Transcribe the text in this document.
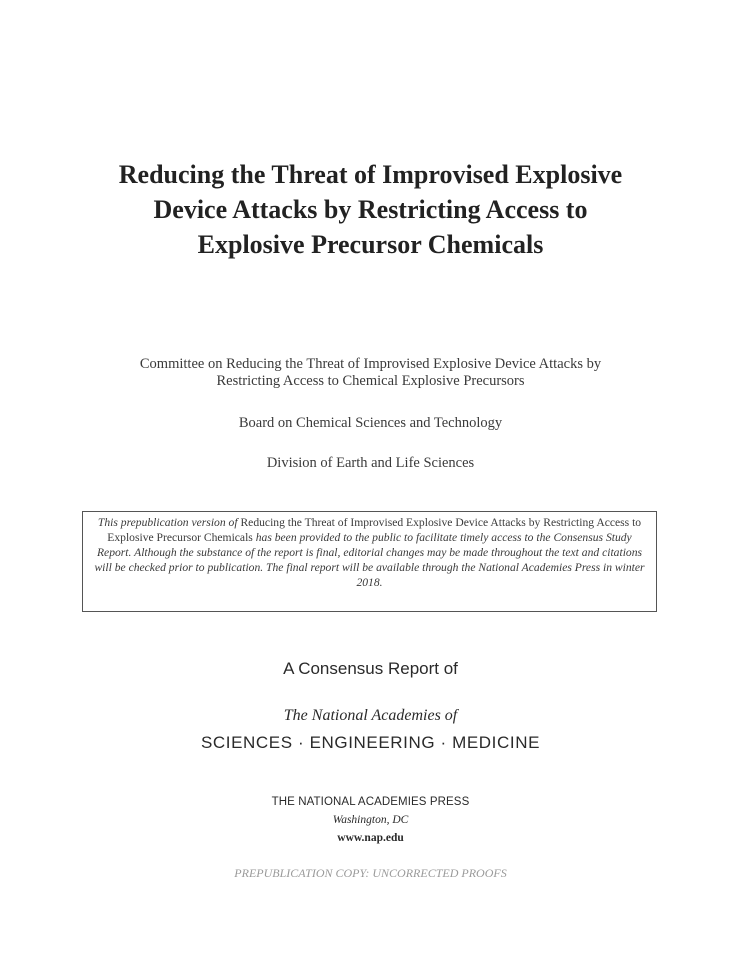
Reducing the Threat of Improvised Explosive
Device Attacks by Restricting Access to
Explosive Precursor Chemicals
Committee on Reducing the Threat of Improvised Explosive Device Attacks by
Restricting Access to Chemical Explosive Precursors
Board on Chemical Sciences and Technology
Division of Earth and Life Sciences
This prepublication version of Reducing the Threat of Improvised Explosive Device Attacks by Restricting Access to Explosive Precursor Chemicals has been provided to the public to facilitate timely access to the Consensus Study Report. Although the substance of the report is final, editorial changes may be made throughout the text and citations will be checked prior to publication. The final report will be available through the National Academies Press in winter 2018.
A Consensus Report of
The National Academies of
SCIENCES · ENGINEERING · MEDICINE
THE NATIONAL ACADEMIES PRESS
Washington, DC
www.nap.edu
PREPUBLICATION COPY: UNCORRECTED PROOFS
